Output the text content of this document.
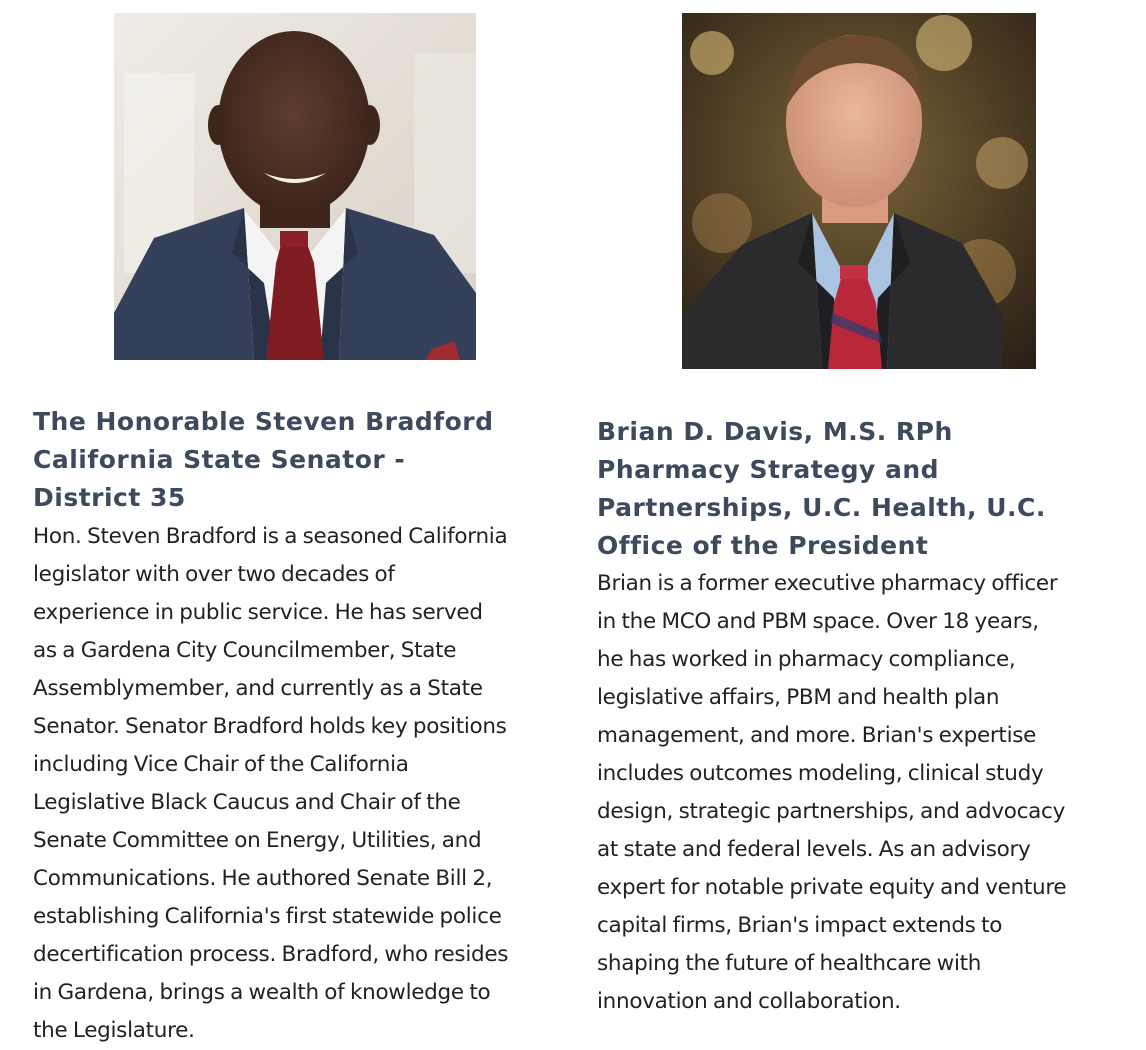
The Honorable Steven Bradford
California State Senator -
District 35

Hon. Steven Bradford is a seasoned California
legislator with over two decades of
experience in public service. He has served
as a Gardena City Councilmember, State
Assemblymember, and currently as a State
Senator. Senator Bradford holds key positions
including Vice Chair of the California
Legislative Black Caucus and Chair of the
Senate Committee on Energy, Utilities, and
Communications. He authored Senate Bill 2,
establishing California's first statewide police
decertification process. Bradford, who resides
in Gardena, brings a wealth of knowledge to
the Legislature.

Brian D. Davis, M.S. RPh
Pharmacy Strategy and
Partnerships, U.C. Health, U.C.
Office of the President

Brian is a former executive pharmacy officer
in the MCO and PBM space. Over 18 years,
he has worked in pharmacy compliance,
legislative affairs, PBM and health plan
management, and more. Brian's expertise
includes outcomes modeling, clinical study
design, strategic partnerships, and advocacy
at state and federal levels. As an advisory
expert for notable private equity and venture
capital firms, Brian's impact extends to
shaping the future of healthcare with
innovation and collaboration.
